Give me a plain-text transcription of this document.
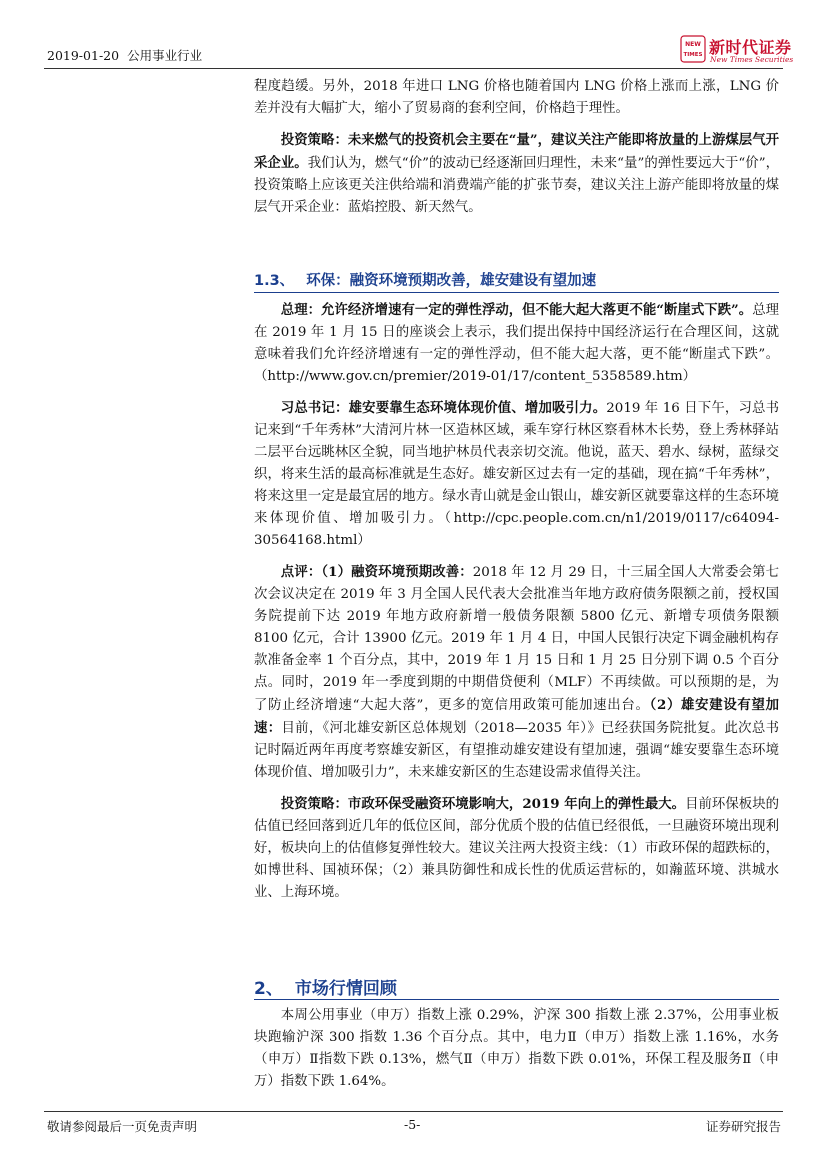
2019-01-20 公用事业行业
NEW
TIMES 新时代证券
New Times Securities

程度趋缓。另外，2018 年进口 LNG 价格也随着国内 LNG 价格上涨而上涨，LNG 价差并没有大幅扩大，缩小了贸易商的套利空间，价格趋于理性。

投资策略：未来燃气的投资机会主要在“量”，建议关注产能即将放量的上游煤层气开采企业。我们认为，燃气“价”的波动已经逐渐回归理性，未来“量”的弹性要远大于“价”，投资策略上应该更关注供给端和消费端产能的扩张节奏，建议关注上游产能即将放量的煤层气开采企业：蓝焰控股、新天然气。

1.3、 环保：融资环境预期改善，雄安建设有望加速

总理：允许经济增速有一定的弹性浮动，但不能大起大落更不能“断崖式下跌”。总理在 2019 年 1 月 15 日的座谈会上表示，我们提出保持中国经济运行在合理区间，这就意味着我们允许经济增速有一定的弹性浮动，但不能大起大落，更不能“断崖式下跌”。（http://www.gov.cn/premier/2019-01/17/content_5358589.htm）

习总书记：雄安要靠生态环境体现价值、增加吸引力。2019 年 16 日下午，习总书记来到“千年秀林”大清河片林一区造林区域，乘车穿行林区察看林木长势，登上秀林驿站二层平台远眺林区全貌，同当地护林员代表亲切交流。他说，蓝天、碧水、绿树，蓝绿交织，将来生活的最高标准就是生态好。雄安新区过去有一定的基础，现在搞“千年秀林”，将来这里一定是最宜居的地方。绿水青山就是金山银山，雄安新区就要靠这样的生态环境来体现价值、增加吸引力。（http://cpc.people.com.cn/n1/2019/0117/c64094-30564168.html）

点评：（1）融资环境预期改善：2018 年 12 月 29 日，十三届全国人大常委会第七次会议决定在 2019 年 3 月全国人民代表大会批准当年地方政府债务限额之前，授权国务院提前下达 2019 年地方政府新增一般债务限额 5800 亿元、新增专项债务限额 8100 亿元，合计 13900 亿元。2019 年 1 月 4 日，中国人民银行决定下调金融机构存款准备金率 1 个百分点，其中，2019 年 1 月 15 日和 1 月 25 日分别下调 0.5 个百分点。同时，2019 年一季度到期的中期借贷便利（MLF）不再续做。可以预期的是，为了防止经济增速“大起大落”，更多的宽信用政策可能加速出台。（2）雄安建设有望加速：目前，《河北雄安新区总体规划（2018—2035 年）》已经获国务院批复。此次总书记时隔近两年再度考察雄安新区，有望推动雄安建设有望加速，强调“雄安要靠生态环境体现价值、增加吸引力”，未来雄安新区的生态建设需求值得关注。

投资策略：市政环保受融资环境影响大，2019 年向上的弹性最大。目前环保板块的估值已经回落到近几年的低位区间，部分优质个股的估值已经很低，一旦融资环境出现利好，板块向上的估值修复弹性较大。建议关注两大投资主线：（1）市政环保的超跌标的，如博世科、国祯环保；（2）兼具防御性和成长性的优质运营标的，如瀚蓝环境、洪城水业、上海环境。

2、 市场行情回顾

本周公用事业（申万）指数上涨 0.29%，沪深 300 指数上涨 2.37%，公用事业板块跑输沪深 300 指数 1.36 个百分点。其中，电力Ⅱ（申万）指数上涨 1.16%，水务（申万）Ⅱ指数下跌 0.13%，燃气Ⅱ（申万）指数下跌 0.01%，环保工程及服务Ⅱ（申万）指数下跌 1.64%。

敬请参阅最后一页免责声明	-5-	证券研究报告
